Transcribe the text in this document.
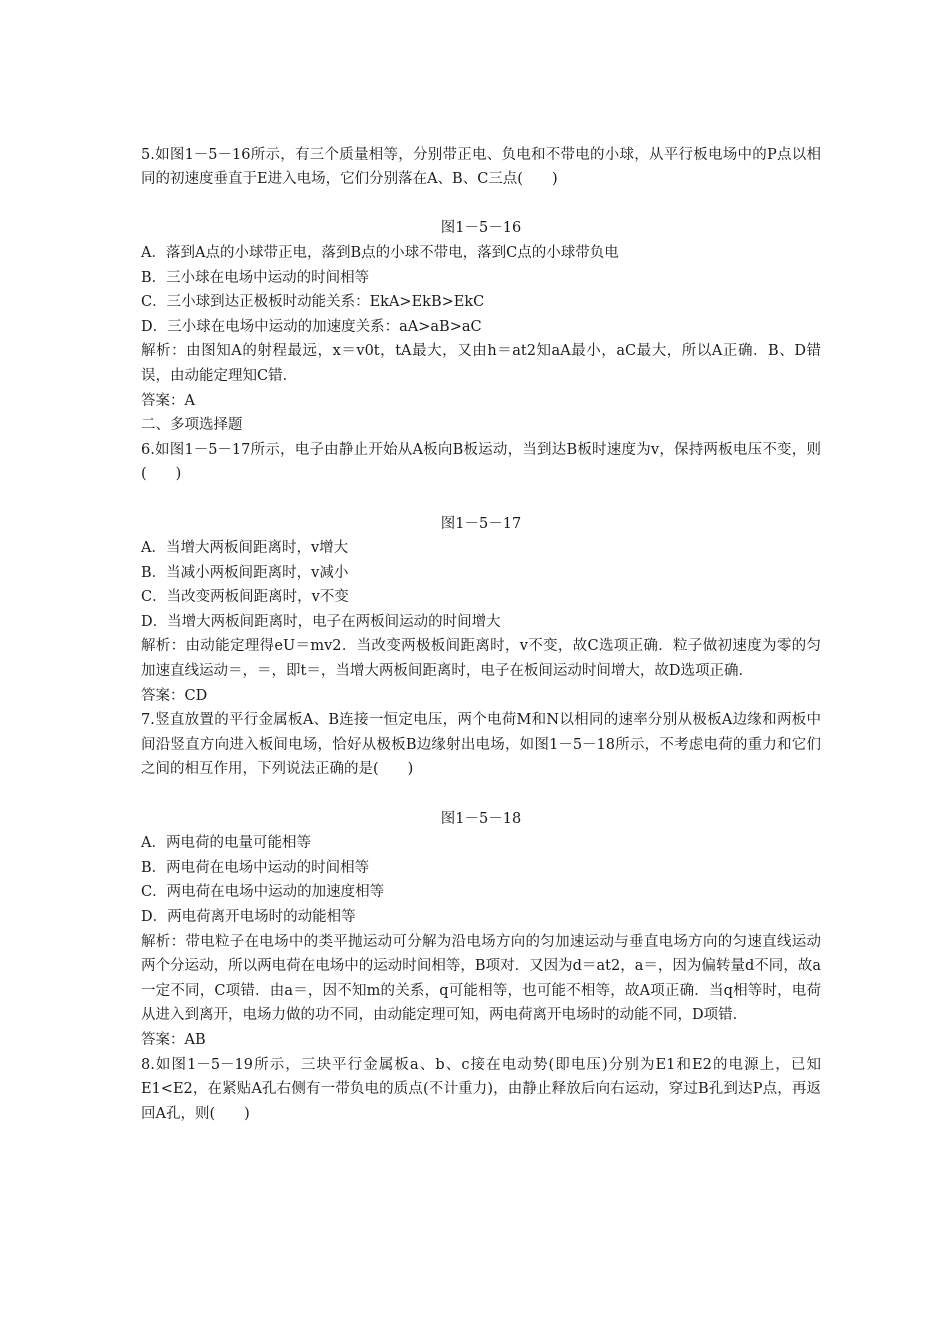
5.如图1－5－16所示，有三个质量相等，分别带正电、负电和不带电的小球，从平行板电场中的P点以相同的初速度垂直于E进入电场，它们分别落在A、B、C三点(　　)

图1－5－16

A．落到A点的小球带正电，落到B点的小球不带电，落到C点的小球带负电

B．三小球在电场中运动的时间相等

C．三小球到达正极板时动能关系：EkA>EkB>EkC

D．三小球在电场中运动的加速度关系：aA>aB>aC

解析：由图知A的射程最远，x＝v0t，tA最大，又由h＝at2知aA最小，aC最大，所以A正确．B、D错误，由动能定理知C错．

答案：A

二、多项选择题

6.如图1－5－17所示，电子由静止开始从A板向B板运动，当到达B板时速度为v，保持两板电压不变，则(　　)

图1－5－17

A．当增大两板间距离时，v增大

B．当减小两板间距离时，v减小

C．当改变两板间距离时，v不变

D．当增大两板间距离时，电子在两板间运动的时间增大

解析：由动能定理得eU＝mv2．当改变两极板间距离时，v不变，故C选项正确．粒子做初速度为零的匀加速直线运动＝，＝，即t＝，当增大两板间距离时，电子在板间运动时间增大，故D选项正确．

答案：CD

7.竖直放置的平行金属板A、B连接一恒定电压，两个电荷M和N以相同的速率分别从极板A边缘和两板中间沿竖直方向进入板间电场，恰好从极板B边缘射出电场，如图1－5－18所示，不考虑电荷的重力和它们之间的相互作用，下列说法正确的是(　　)

图1－5－18

A．两电荷的电量可能相等

B．两电荷在电场中运动的时间相等

C．两电荷在电场中运动的加速度相等

D．两电荷离开电场时的动能相等

解析：带电粒子在电场中的类平抛运动可分解为沿电场方向的匀加速运动与垂直电场方向的匀速直线运动两个分运动，所以两电荷在电场中的运动时间相等，B项对．又因为d＝at2，a＝，因为偏转量d不同，故a一定不同，C项错．由a＝，因不知m的关系，q可能相等，也可能不相等，故A项正确．当q相等时，电荷从进入到离开，电场力做的功不同，由动能定理可知，两电荷离开电场时的动能不同，D项错．

答案：AB

8.如图1－5－19所示，三块平行金属板a、b、c接在电动势(即电压)分别为E1和E2的电源上，已知E1<E2，在紧贴A孔右侧有一带负电的质点(不计重力)，由静止释放后向右运动，穿过B孔到达P点，再返回A孔，则(　　)
